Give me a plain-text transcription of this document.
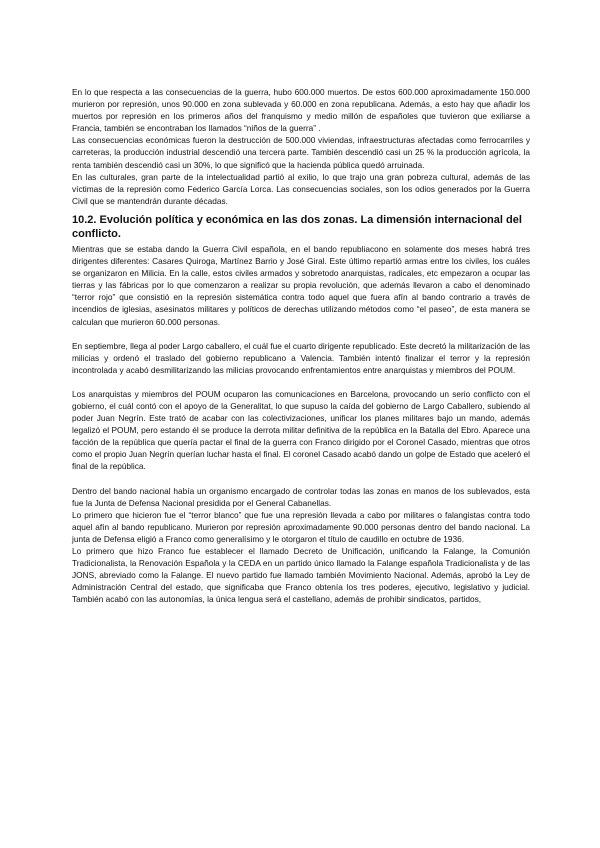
En lo que respecta a las consecuencias de la guerra, hubo 600.000 muertos. De estos 600.000 aproximadamente 150.000 murieron por represión, unos 90.000 en zona sublevada y 60.000 en zona republicana. Además, a esto hay que añadir los muertos por represión en los primeros años del franquismo y medio millón de españoles que tuvieron que exiliarse a Francia, también se encontraban los llamados “niños de la guerra” .

Las consecuencias económicas fueron la destrucción de 500.000 viviendas, infraestructuras afectadas como ferrocarriles y carreteras, la producción industrial descendió una tercera parte. También descendió casi un 25 % la producción agrícola, la renta también descendió casi un 30%, lo que significó que la hacienda pública quedó arruinada.

En las culturales, gran parte de la intelectualidad partió al exilio, lo que trajo una gran pobreza cultural, además de las víctimas de la represión como Federico García Lorca. Las consecuencias sociales, son los odios generados por la Guerra Civil que se mantendrán durante décadas.

10.2. Evolución política y económica en las dos zonas. La dimensión internacional del conflicto.

Mientras que se estaba dando la Guerra Civil española, en el bando republiacono en solamente dos meses habrá tres dirigentes diferentes: Casares Quiroga, Martínez Barrio y José Giral. Este último repartió armas entre los civiles, los cuáles se organizaron en Milicia. En la calle, estos civiles armados y sobretodo anarquistas, radicales, etc empezaron a ocupar las tierras y las fábricas por lo que comenzaron a realizar su propia revolución, que además llevaron a cabo el denominado “terror rojo” que consistió en la represión sistemática contra todo aquel que fuera afín al bando contrario a través de incendios de iglesias, asesinatos militares y políticos de derechas utilizando métodos como “el paseo”, de esta manera se calculan que murieron 60.000 personas.

En septiembre, llega al poder Largo caballero, el cuál fue el cuarto dirigente republicado. Este decretó la militarización de las milicias y ordenó el traslado del gobierno republicano a Valencia. También intentó finalizar el terror y la represión incontrolada y acabó desmilitarizando las milicias provocando enfrentamientos entre anarquistas y miembros del POUM.

Los anarquistas y miembros del POUM ocuparon las comunicaciones en Barcelona, provocando un serio conflicto con el gobierno, el cuál contó con el apoyo de la Generalitat, lo que supuso la caída del gobierno de Largo Caballero, subiendo al poder Juan Negrín. Este trató de acabar con las colectivizaciones, unificar los planes militares bajo un mando, además legalizó el POUM, pero estando él se produce la derrota militar definitiva de la república en la Batalla del Ebro. Aparece una facción de la república que quería pactar el final de la guerra con Franco dirigido por el Coronel Casado, mientras que otros como el propio Juan Negrín querían luchar hasta el final. El coronel Casado acabó dando un golpe de Estado que aceleró el final de la república.

Dentro del bando nacional había un organismo encargado de controlar todas las zonas en manos de los sublevados, esta fue la Junta de Defensa Nacional presidida por el General Cabanellas.

Lo primero que hicieron fue el “terror blanco” que fue una represión llevada a cabo por militares o falangistas contra todo aquel afín al bando republicano. Murieron por represión aproximadamente 90.000 personas dentro del bando nacional. La junta de Defensa eligió a Franco como generalísimo y le otorgaron el título de caudillo en octubre de 1936.

Lo primero que hizo Franco fue establecer el llamado Decreto de Unificación, unificando la Falange, la Comunión Tradicionalista, la Renovación Española y la CEDA en un partido único llamado la Falange española Tradicionalista y de las JONS, abreviado como la Falange. El nuevo partido fue llamado también Movimiento Nacional. Además, aprobó la Ley de Administración Central del estado, que significaba que Franco obtenía los tres poderes, ejecutivo, legislativo y judicial. También acabó con las autonomías, la única lengua será el castellano, además de prohibir sindicatos, partidos,
